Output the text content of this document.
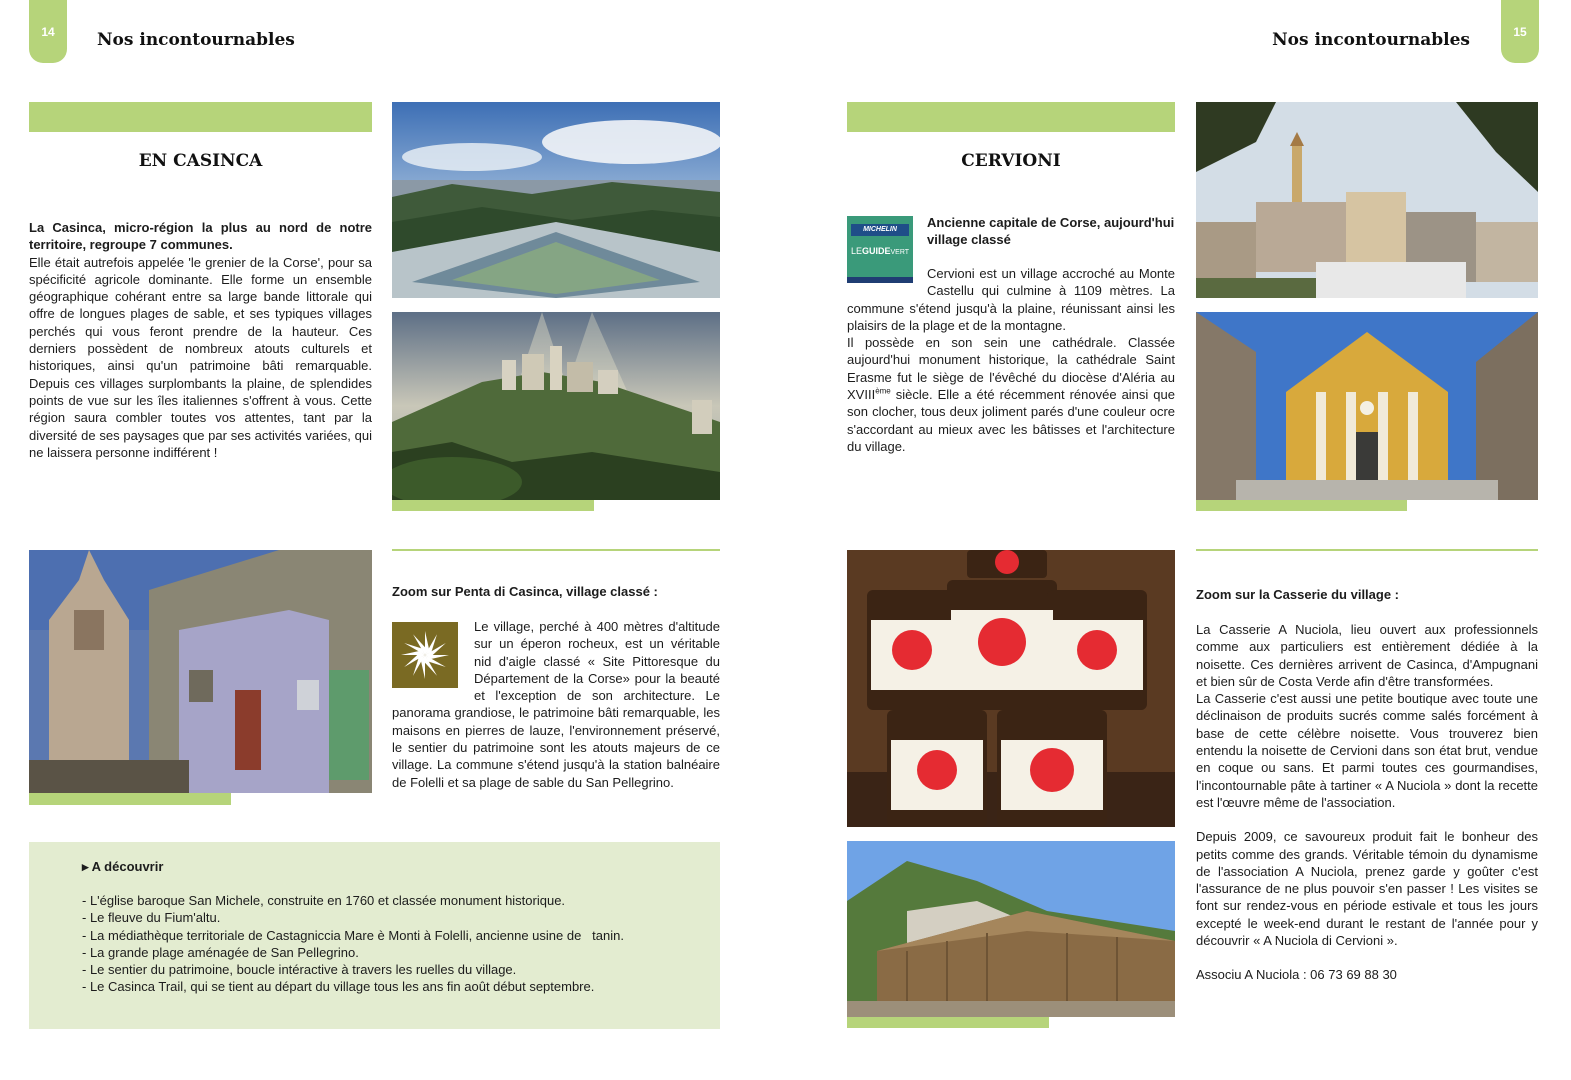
14 Nos incontournables
EN CASINCA

La Casinca, micro-région la plus au nord de notre territoire, regroupe 7 communes.

Elle était autrefois appelée 'le grenier de la Corse', pour sa spécificité agricole dominante. Elle forme un ensemble géographique cohérant entre sa large bande littorale qui offre de longues plages de sable, et ses typiques villages perchés qui vous feront prendre de la hauteur. Ces derniers possèdent de nombreux atouts culturels et historiques, ainsi qu'un patrimoine bâti remarquable. Depuis ces villages surplombants la plaine, de splendides points de vue sur les îles italiennes s'offrent à vous. Cette région saura combler toutes vos attentes, tant par la diversité de ses paysages que par ses activités variées, qui ne laissera personne indifférent !

Zoom sur Penta di Casinca, village classé :
Le village, perché à 400 mètres d'altitude sur un éperon rocheux, est un véritable nid d'aigle classé « Site Pittoresque du Département de la Corse» pour la beauté et l'exception de son architecture. Le panorama grandiose, le patrimoine bâti remarquable, les maisons en pierres de lauze, l'environnement préservé, le sentier du patrimoine sont les atouts majeurs de ce village. La commune s'étend jusqu'à la station balnéaire de Folelli et sa plage de sable du San Pellegrino.
▸ A découvrir
- L'église baroque San Michele, construite en 1760 et classée monument historique.
- Le fleuve du Fium'altu.
- La médiathèque territoriale de Castagniccia Mare è Monti à Folelli, ancienne usine de   tanin.
- La grande plage aménagée de San Pellegrino.
- Le sentier du patrimoine, boucle intéractive à travers les ruelles du village.
- Le Casinca Trail, qui se tient au départ du village tous les ans fin août début septembre.
15
Nos incontournables
CERVIONI
MICHELIN
LEGUIDEVERT
Ancienne capitale de Corse, aujourd'hui village classé

Cervioni est un village accroché au Monte Castellu qui culmine à 1109 mètres. La commune s'étend jusqu'à la plaine, réunissant ainsi les plaisirs de la plage et de la montagne.

Il possède en son sein une cathédrale. Classée aujourd'hui monument historique, la cathédrale Saint Erasme fut le siège de l'évêché du diocèse d'Aléria au XVIIIème siècle. Elle a été récemment rénovée ainsi que son clocher, tous deux joliment parés d'une couleur ocre s'accordant au mieux avec les bâtisses et l'architecture du village.

Zoom sur la Casserie du village :

La Casserie A Nuciola, lieu ouvert aux professionnels comme aux particuliers est entièrement dédiée à la noisette. Ces dernières arrivent de Casinca, d'Ampugnani et bien sûr de Costa Verde afin d'être transformées.

La Casserie c'est aussi une petite boutique avec toute une déclinaison de produits sucrés comme salés forcément à base de cette célèbre noisette. Vous trouverez bien entendu la noisette de Cervioni dans son état brut, vendue en coque ou sans. Et parmi toutes ces gourmandises, l'incontournable pâte à tartiner « A Nuciola » dont la recette est l'œuvre même de l'association.

Depuis 2009, ce savoureux produit fait le bonheur des petits comme des grands. Véritable témoin du dynamisme de l'association A Nuciola, prenez garde y goûter c'est l'assurance de ne plus pouvoir s'en passer ! Les visites se font sur rendez-vous en période estivale et tous les jours excepté le week-end durant le restant de l'année pour y découvrir « A Nuciola di Cervioni ».

Associu A Nuciola : 06 73 69 88 30
